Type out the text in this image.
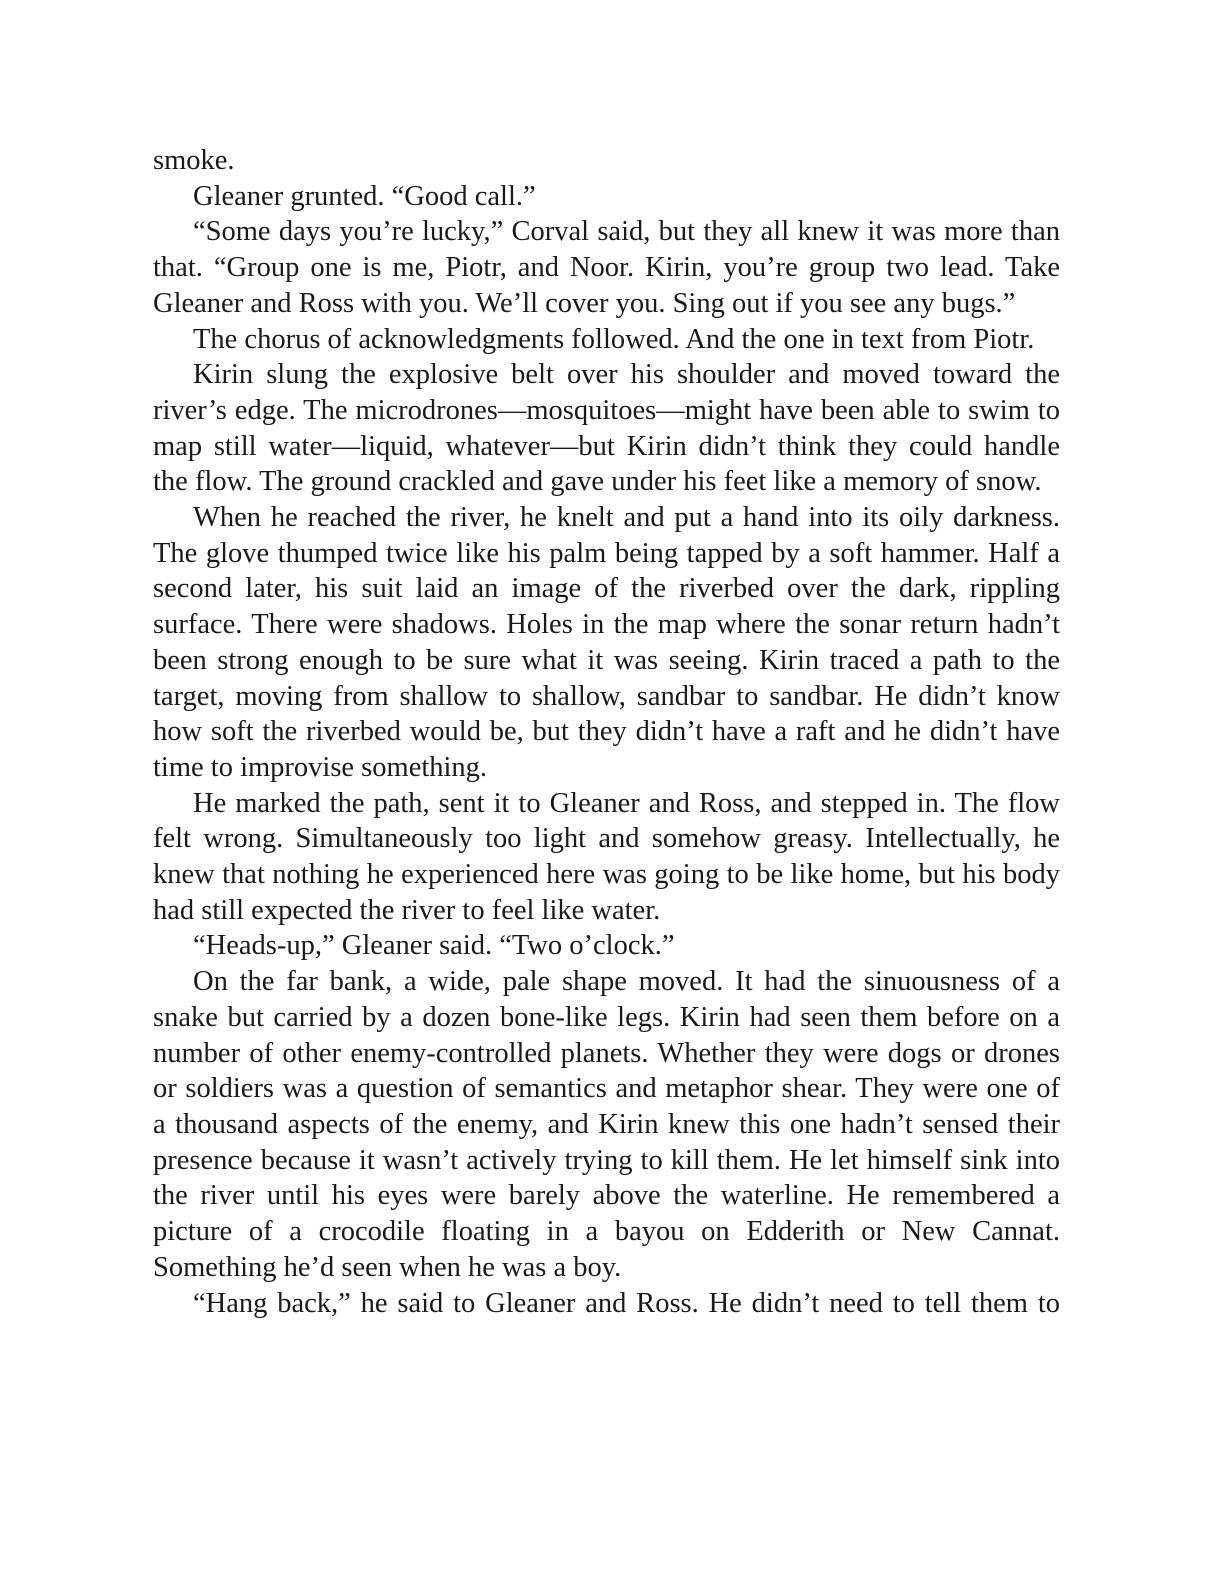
smoke.

Gleaner grunted. “Good call.”

“Some days you’re lucky,” Corval said, but they all knew it was more than that. “Group one is me, Piotr, and Noor. Kirin, you’re group two lead. Take Gleaner and Ross with you. We’ll cover you. Sing out if you see any bugs.”

The chorus of acknowledgments followed. And the one in text from Piotr.

Kirin slung the explosive belt over his shoulder and moved toward the river’s edge. The microdrones—mosquitoes—might have been able to swim to map still water—liquid, whatever—but Kirin didn’t think they could handle the flow. The ground crackled and gave under his feet like a memory of snow.

When he reached the river, he knelt and put a hand into its oily darkness. The glove thumped twice like his palm being tapped by a soft hammer. Half a second later, his suit laid an image of the riverbed over the dark, rippling surface. There were shadows. Holes in the map where the sonar return hadn’t been strong enough to be sure what it was seeing. Kirin traced a path to the target, moving from shallow to shallow, sandbar to sandbar. He didn’t know how soft the riverbed would be, but they didn’t have a raft and he didn’t have time to improvise something.

He marked the path, sent it to Gleaner and Ross, and stepped in. The flow felt wrong. Simultaneously too light and somehow greasy. Intellectually, he knew that nothing he experienced here was going to be like home, but his body had still expected the river to feel like water.

“Heads-up,” Gleaner said. “Two o’clock.”

On the far bank, a wide, pale shape moved. It had the sinuousness of a snake but carried by a dozen bone-like legs. Kirin had seen them before on a number of other enemy-controlled planets. Whether they were dogs or drones or soldiers was a question of semantics and metaphor shear. They were one of a thousand aspects of the enemy, and Kirin knew this one hadn’t sensed their presence because it wasn’t actively trying to kill them. He let himself sink into the river until his eyes were barely above the waterline. He remembered a picture of a crocodile floating in a bayou on Edderith or New Cannat. Something he’d seen when he was a boy.

“Hang back,” he said to Gleaner and Ross. He didn’t need to tell them to
